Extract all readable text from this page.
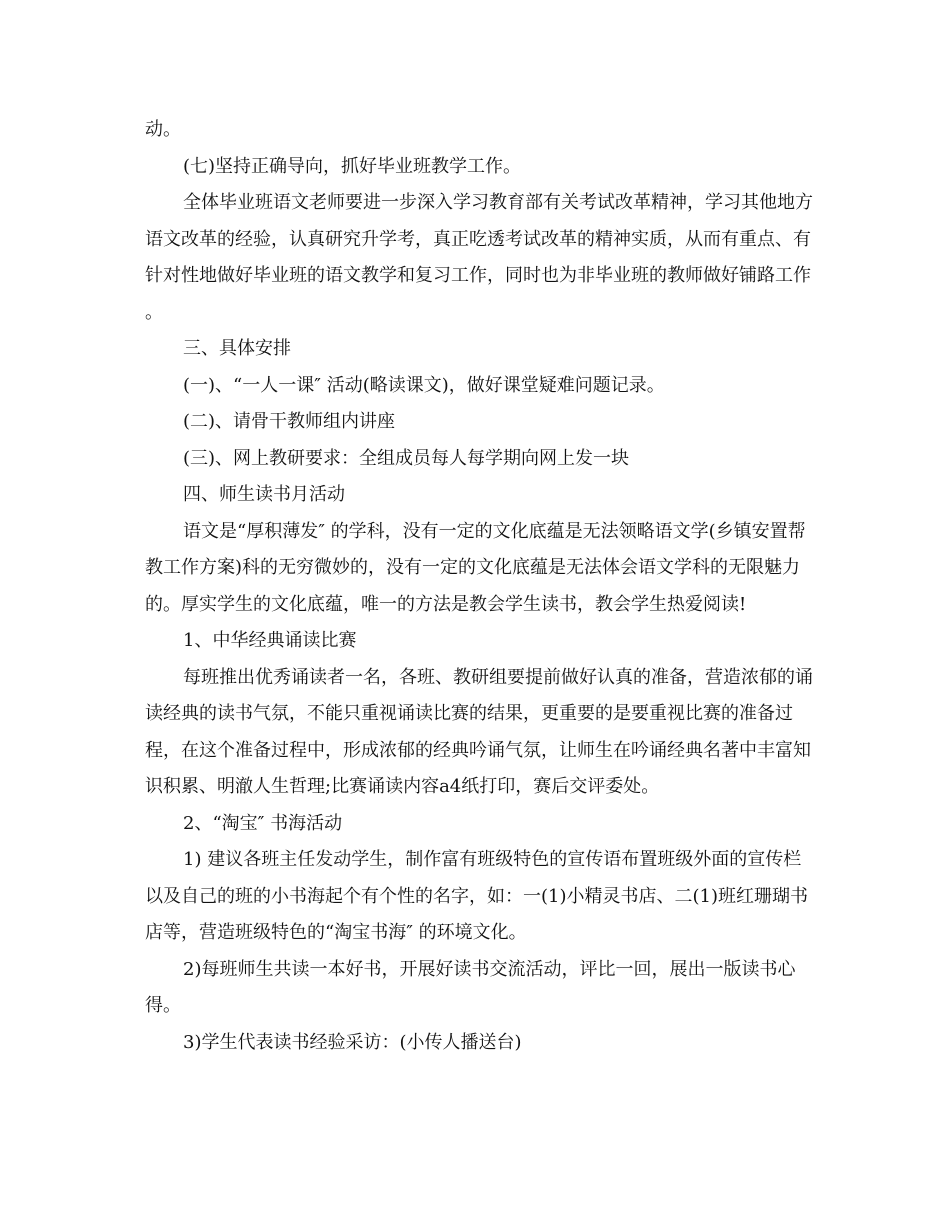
动。

(七)坚持正确导向，抓好毕业班教学工作。

全体毕业班语文老师要进一步深入学习教育部有关考试改革精神，学习其他地方语文改革的经验，认真研究升学考，真正吃透考试改革的精神实质，从而有重点、有针对性地做好毕业班的语文教学和复习工作，同时也为非毕业班的教师做好铺路工作 。

三、具体安排

(一)、“一人一课″ 活动(略读课文)，做好课堂疑难问题记录。

(二)、请骨干教师组内讲座

(三)、网上教研要求：全组成员每人每学期向网上发一块

四、师生读书月活动

语文是“厚积薄发″ 的学科，没有一定的文化底蕴是无法领略语文学(乡镇安置帮教工作方案)科的无穷微妙的，没有一定的文化底蕴是无法体会语文学科的无限魅力的。厚实学生的文化底蕴，唯一的方法是教会学生读书，教会学生热爱阅读!

1、中华经典诵读比赛

每班推出优秀诵读者一名，各班、教研组要提前做好认真的准备，营造浓郁的诵读经典的读书气氛，不能只重视诵读比赛的结果，更重要的是要重视比赛的准备过程，在这个准备过程中，形成浓郁的经典吟诵气氛，让师生在吟诵经典名著中丰富知识积累、明澈人生哲理;比赛诵读内容a4纸打印，赛后交评委处。

2、“淘宝″ 书海活动

1) 建议各班主任发动学生，制作富有班级特色的宣传语布置班级外面的宣传栏以及自己的班的小书海起个有个性的名字，如：一(1)小精灵书店、二(1)班红珊瑚书店等，营造班级特色的“淘宝书海″ 的环境文化。

2)每班师生共读一本好书，开展好读书交流活动，评比一回，展出一版读书心得。

3)学生代表读书经验采访：(小传人播送台)
